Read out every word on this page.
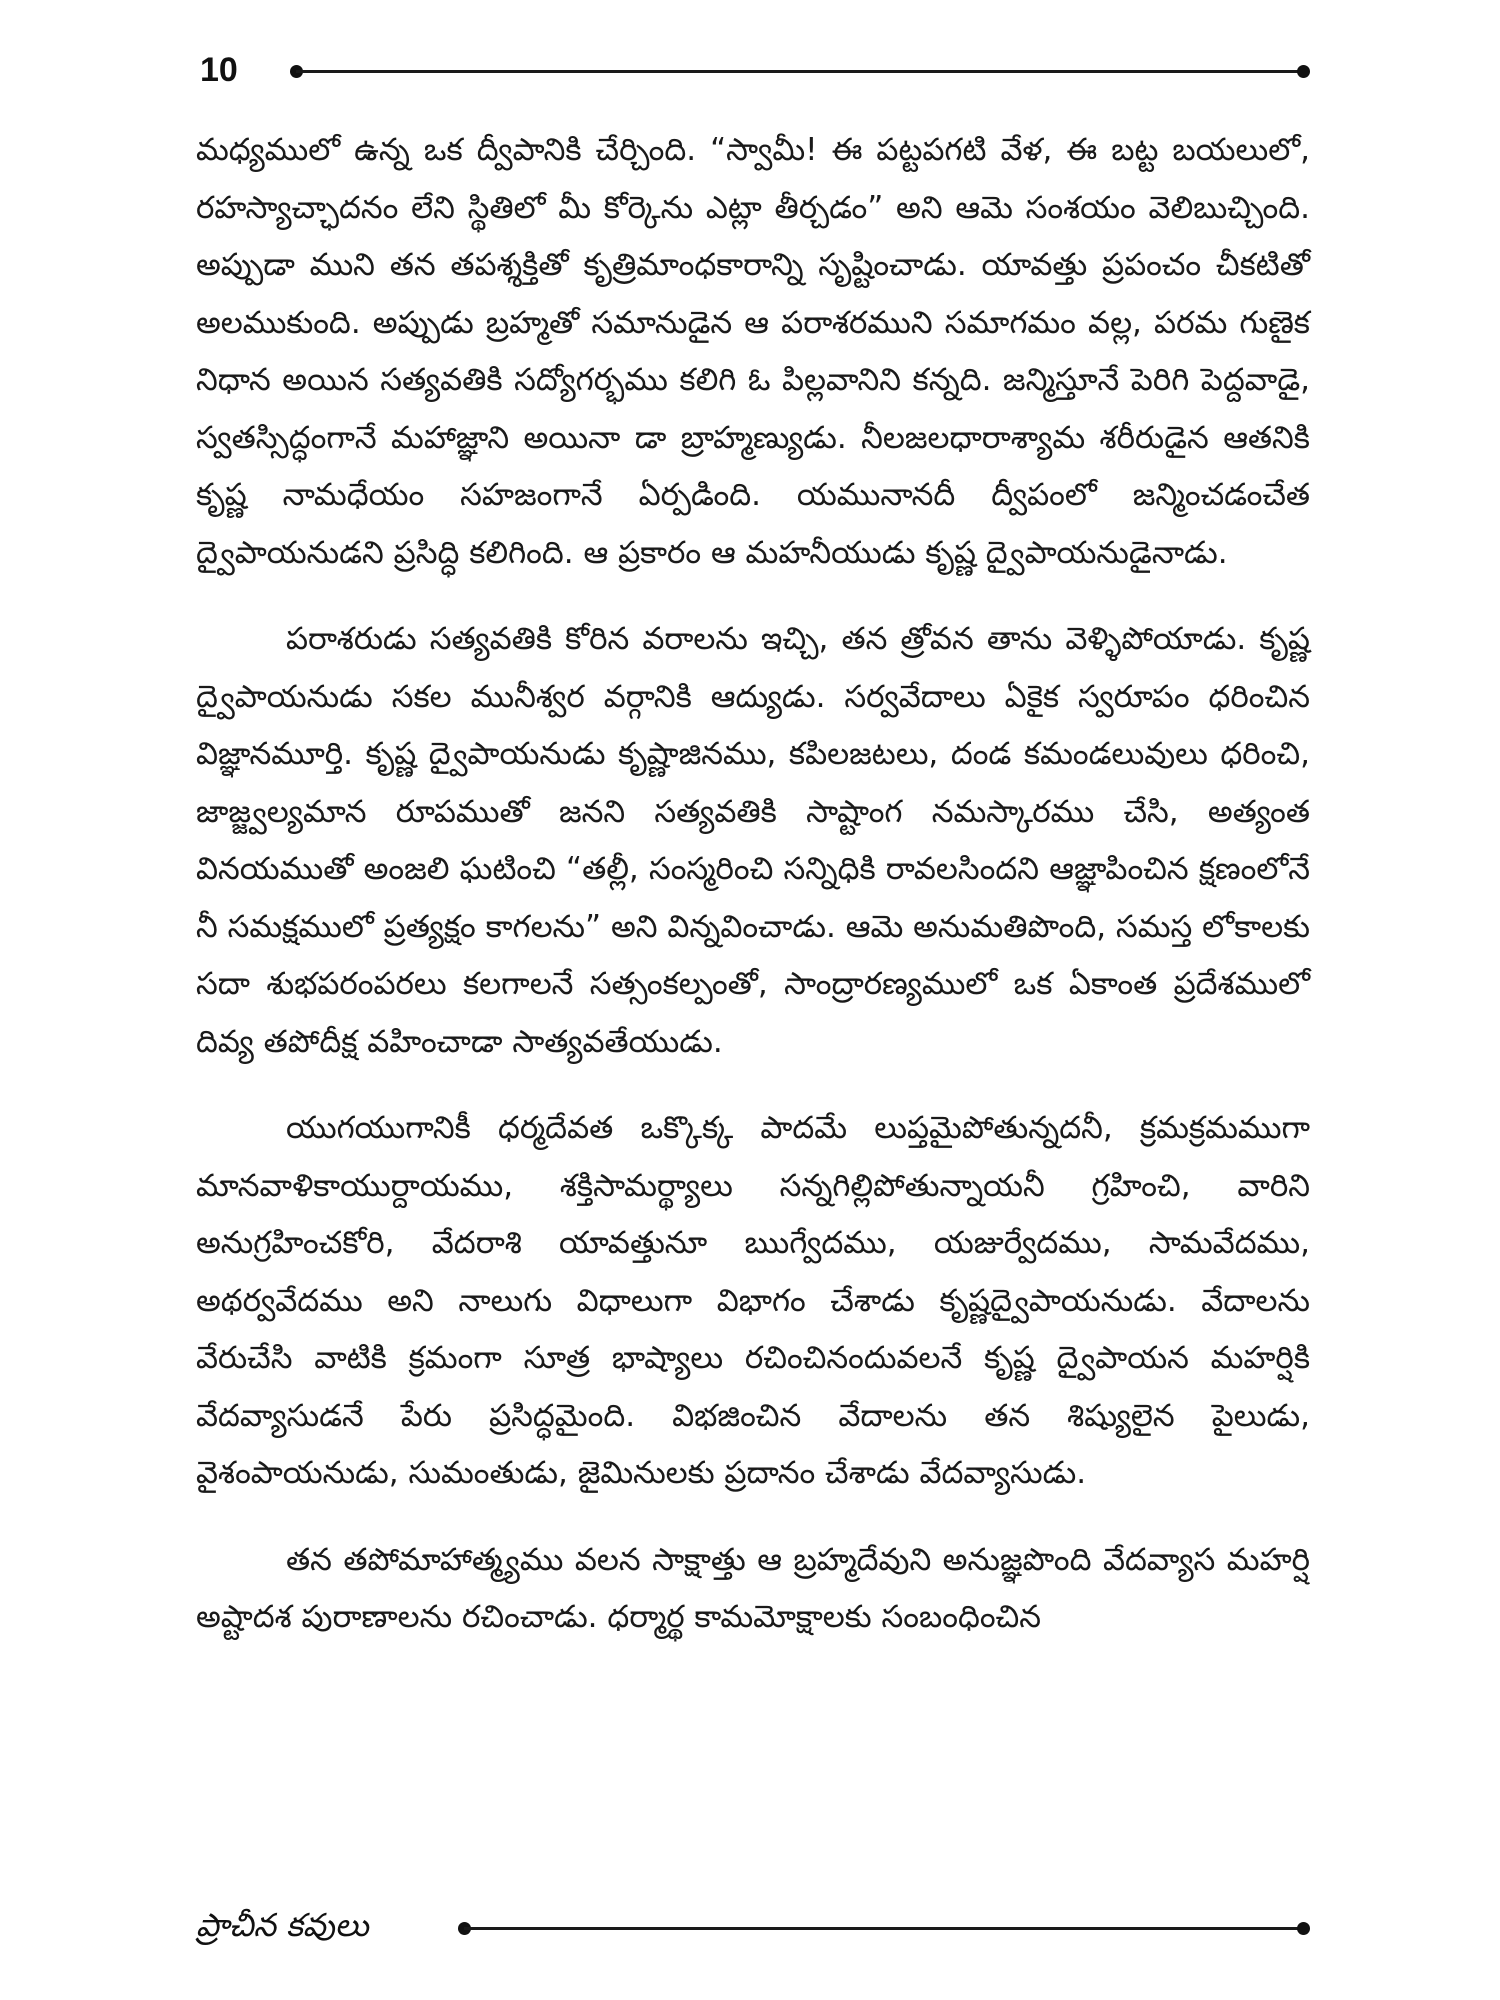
10

మధ్యములో ఉన్న ఒక ద్వీపానికి చేర్చింది. “స్వామీ! ఈ పట్టపగటి వేళ, ఈ బట్ట బయలులో, రహస్యాచ్ఛాదనం లేని స్థితిలో మీ కోర్కెను ఎట్లా తీర్చడం” అని ఆమె సంశయం వెలిబుచ్చింది. అప్పుడా ముని తన తపశ్శక్తితో కృత్రిమాంధకారాన్ని సృష్టించాడు. యావత్తు ప్రపంచం చీకటితో అలముకుంది. అప్పుడు బ్రహ్మతో సమానుడైన ఆ పరాశరముని సమాగమం వల్ల, పరమ గుణైక నిధాన అయిన సత్యవతికి సద్యోగర్భము కలిగి ఓ పిల్లవానిని కన్నది. జన్మిస్తూనే పెరిగి పెద్దవాడై, స్వతస్సిద్ధంగానే మహాజ్ఞాని అయినా డా బ్రాహ్మణ్యుడు. నీలజలధారాశ్యామ శరీరుడైన ఆతనికి కృష్ణ నామధేయం సహజంగానే ఏర్పడింది. యమునానదీ ద్వీపంలో జన్మించడంచేత ద్వైపాయనుడని ప్రసిద్ధి కలిగింది. ఆ ప్రకారం ఆ మహనీయుడు కృష్ణ ద్వైపాయనుడైనాడు.

పరాశరుడు సత్యవతికి కోరిన వరాలను ఇచ్చి, తన త్రోవన తాను వెళ్ళిపోయాడు. కృష్ణ ద్వైపాయనుడు సకల మునీశ్వర వర్గానికి ఆద్యుడు. సర్వవేదాలు ఏకైక స్వరూపం ధరించిన విజ్ఞానమూర్తి. కృష్ణ ద్వైపాయనుడు కృష్ణాజినము, కపిలజటలు, దండ కమండలువులు ధరించి, జాజ్జ్వల్యమాన రూపముతో జనని సత్యవతికి సాష్టాంగ నమస్కారము చేసి, అత్యంత వినయముతో అంజలి ఘటించి “తల్లీ, సంస్మరించి సన్నిధికి రావలసిందని ఆజ్ఞాపించిన క్షణంలోనే నీ సమక్షములో ప్రత్యక్షం కాగలను” అని విన్నవించాడు. ఆమె అనుమతిపొంది, సమస్త లోకాలకు సదా శుభపరంపరలు కలగాలనే సత్సంకల్పంతో, సాంద్రారణ్యములో ఒక ఏకాంత ప్రదేశములో దివ్య తపోదీక్ష వహించాడా సాత్యవతేయుడు.

యుగయుగానికీ ధర్మదేవత ఒక్కొక్క పాదమే లుప్తమైపోతున్నదనీ, క్రమక్రమముగా మానవాళికాయుర్దాయము, శక్తిసామర్థ్యాలు సన్నగిల్లిపోతున్నాయనీ గ్రహించి, వారిని అనుగ్రహించకోరి, వేదరాశి యావత్తునూ ఋగ్వేదము, యజుర్వేదము, సామవేదము, అథర్వవేదము అని నాలుగు విధాలుగా విభాగం చేశాడు కృష్ణద్వైపాయనుడు. వేదాలను వేరుచేసి వాటికి క్రమంగా సూత్ర భాష్యాలు రచించినందువలనే కృష్ణ ద్వైపాయన మహర్షికి వేదవ్యాసుడనే పేరు ప్రసిద్ధమైంది. విభజించిన వేదాలను తన శిష్యులైన పైలుడు, వైశంపాయనుడు, సుమంతుడు, జైమినులకు ప్రదానం చేశాడు వేదవ్యాసుడు.

తన తపోమాహాత్మ్యము వలన సాక్షాత్తు ఆ బ్రహ్మదేవుని అనుజ్ఞపొంది వేదవ్యాస మహర్షి అష్టాదశ పురాణాలను రచించాడు. ధర్మార్థ కామమోక్షాలకు సంబంధించిన

ప్రాచీన కవులు
